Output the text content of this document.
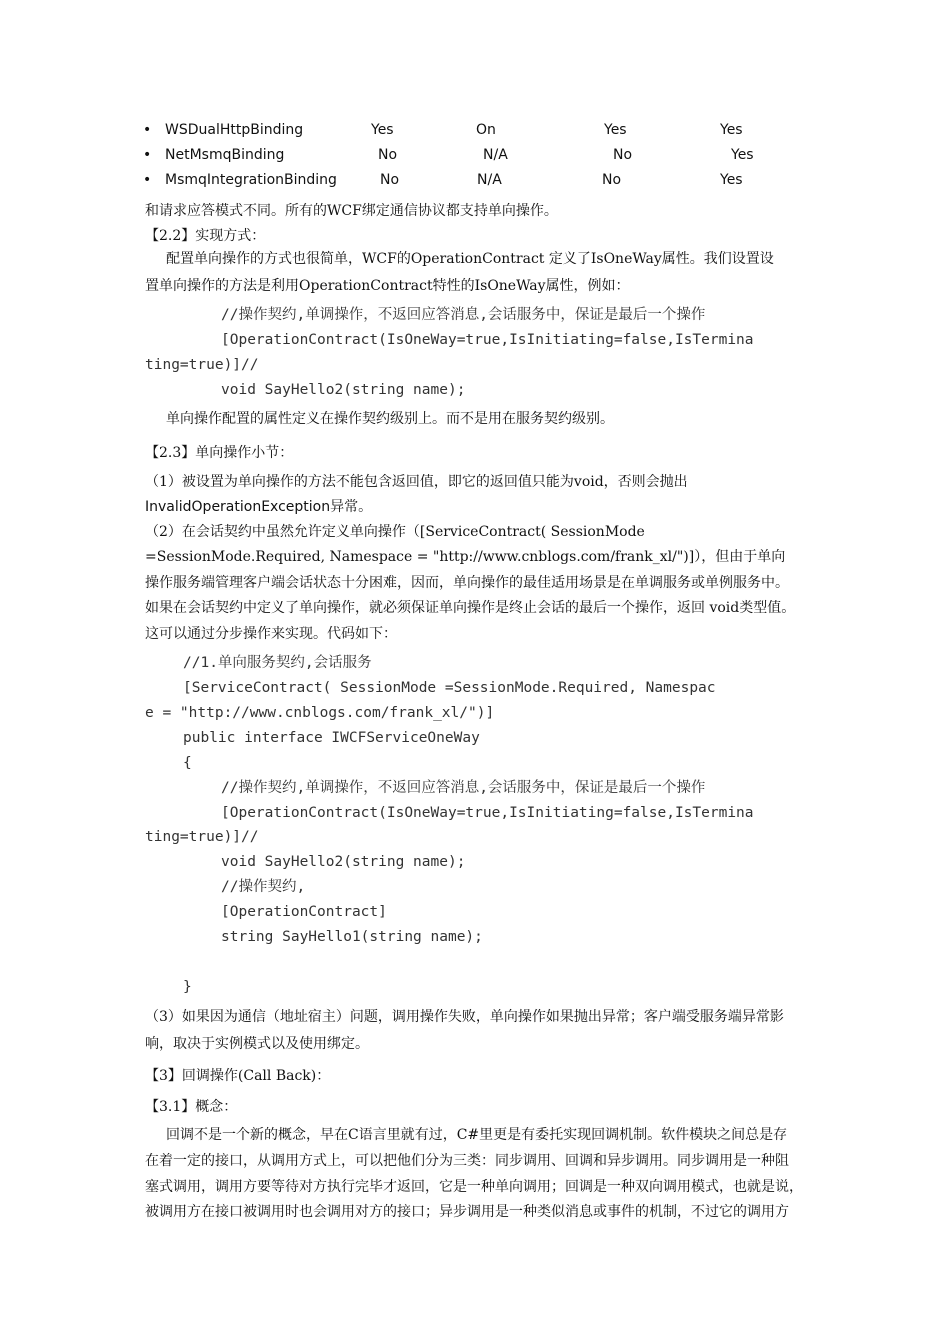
• WSDualHttpBinding	Yes	On	Yes	Yes
• NetMsmqBinding	No	N/A	No	Yes
• MsmqIntegrationBinding	No	N/A	No	Yes
和请求应答模式不同。所有的WCF绑定通信协议都支持单向操作。
【2.2】实现方式：
配置单向操作的方式也很简单，WCF的OperationContract 定义了IsOneWay属性。我们设置设
置单向操作的方法是利用OperationContract特性的IsOneWay属性，例如：
//操作契约,单调操作，不返回应答消息,会话服务中，保证是最后一个操作
[OperationContract(IsOneWay=true,IsInitiating=false,IsTermina
ting=true)]//
void SayHello2(string name);
单向操作配置的属性定义在操作契约级别上。而不是用在服务契约级别。
【2.3】单向操作小节：
（1）被设置为单向操作的方法不能包含返回值，即它的返回值只能为void，否则会抛出
InvalidOperationException异常。
（2）在会话契约中虽然允许定义单向操作（[ServiceContract( SessionMode
=SessionMode.Required, Namespace = "http://www.cnblogs.com/frank_xl/")]），但由于单向
操作服务端管理客户端会话状态十分困难，因而，单向操作的最佳适用场景是在单调服务或单例服务中。
如果在会话契约中定义了单向操作，就必须保证单向操作是终止会话的最后一个操作，返回 void类型值。
这可以通过分步操作来实现。代码如下：
//1.单向服务契约,会话服务
[ServiceContract( SessionMode =SessionMode.Required, Namespac
e = "http://www.cnblogs.com/frank_xl/")]
public interface IWCFServiceOneWay
{
//操作契约,单调操作，不返回应答消息,会话服务中，保证是最后一个操作
[OperationContract(IsOneWay=true,IsInitiating=false,IsTermina
ting=true)]//
void SayHello2(string name);
//操作契约,
[OperationContract]
string SayHello1(string name);
}
（3）如果因为通信（地址宿主）问题，调用操作失败，单向操作如果抛出异常；客户端受服务端异常影
响，取决于实例模式以及使用绑定。
【3】回调操作(Call Back)：
【3.1】概念：
回调不是一个新的概念，早在C语言里就有过，C#里更是有委托实现回调机制。软件模块之间总是存
在着一定的接口，从调用方式上，可以把他们分为三类：同步调用、回调和异步调用。同步调用是一种阻
塞式调用，调用方要等待对方执行完毕才返回，它是一种单向调用；回调是一种双向调用模式，也就是说，
被调用方在接口被调用时也会调用对方的接口；异步调用是一种类似消息或事件的机制，不过它的调用方
